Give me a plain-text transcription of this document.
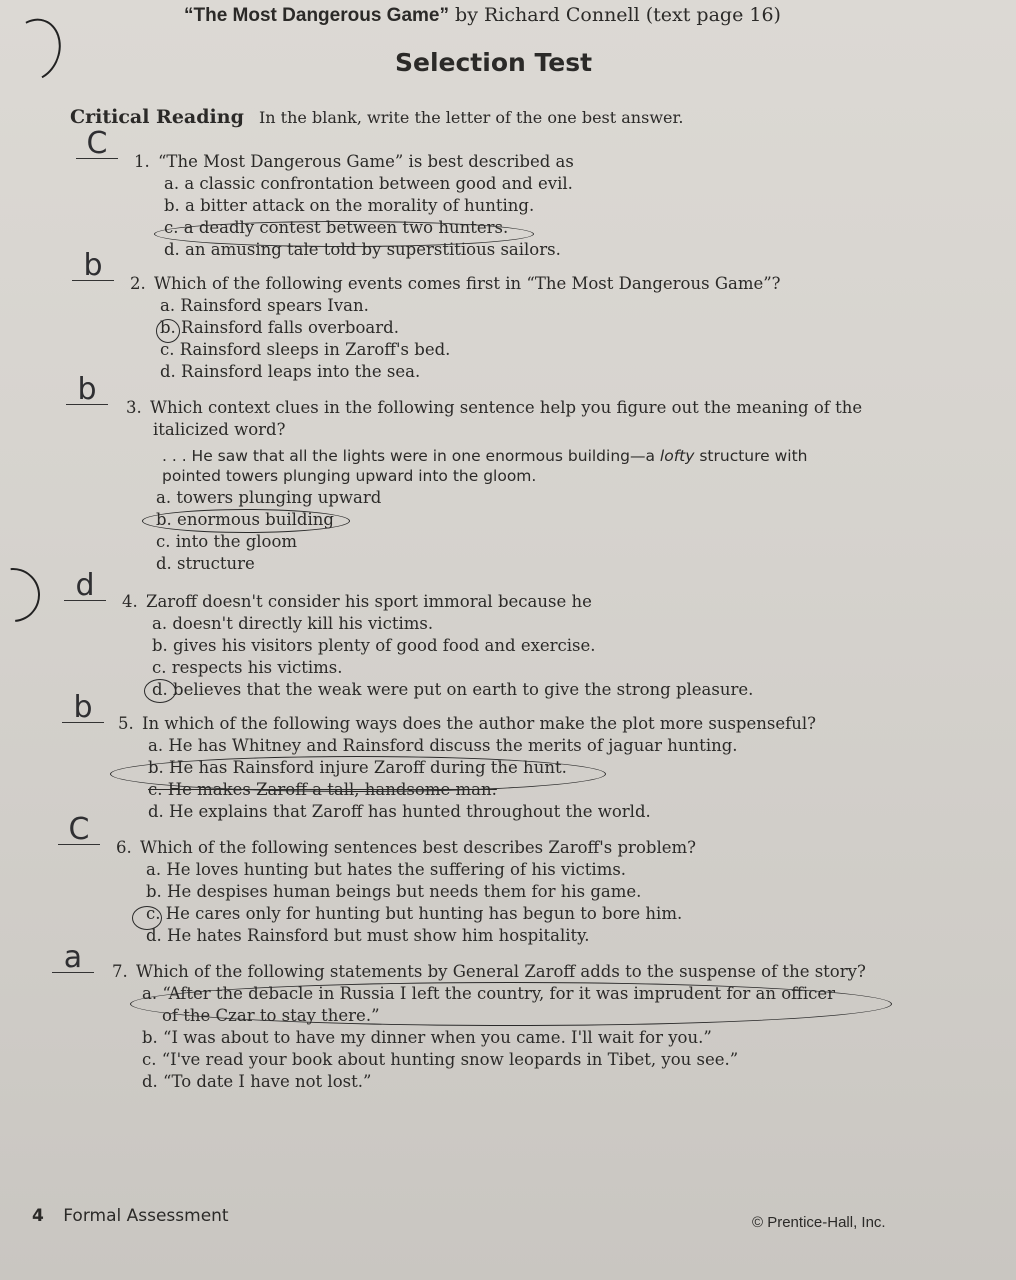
“The Most Dangerous Game” by Richard Connell (text page 16)
Selection Test
Critical Reading In the blank, write the letter of the one best answer.
C
1. “The Most Dangerous Game” is best described as
a. a classic confrontation between good and evil.
b. a bitter attack on the morality of hunting.
c. a deadly contest between two hunters.
d. an amusing tale told by superstitious sailors.
b
2. Which of the following events comes first in “The Most Dangerous Game”?
a. Rainsford spears Ivan.
b. Rainsford falls overboard.
c. Rainsford sleeps in Zaroff's bed.
d. Rainsford leaps into the sea.
b
3. Which context clues in the following sentence help you figure out the meaning of the
italicized word?
. . . He saw that all the lights were in one enormous building—a lofty structure with
pointed towers plunging upward into the gloom.
a. towers plunging upward
b. enormous building
c. into the gloom
d. structure
d	4. Zaroff doesn't consider his sport immoral because he
a. doesn't directly kill his victims.
b. gives his visitors plenty of good food and exercise.
c. respects his victims.
d. believes that the weak were put on earth to give the strong pleasure.
b	5. In which of the following ways does the author make the plot more suspenseful?
a. He has Whitney and Rainsford discuss the merits of jaguar hunting.
b. He has Rainsford injure Zaroff during the hunt.
c. He makes Zaroff a tall, handsome man.
d. He explains that Zaroff has hunted throughout the world.
C
6. Which of the following sentences best describes Zaroff's problem?
a. He loves hunting but hates the suffering of his victims.
b. He despises human beings but needs them for his game.
c. He cares only for hunting but hunting has begun to bore him.
d. He hates Rainsford but must show him hospitality.
a	7. Which of the following statements by General Zaroff adds to the suspense of the story?
a. “After the debacle in Russia I left the country, for it was imprudent for an officer
of the Czar to stay there.”
b. “I was about to have my dinner when you came. I'll wait for you.”
c. “I've read your book about hunting snow leopards in Tibet, you see.”
d. “To date I have not lost.”
4 Formal Assessment	© Prentice-Hall, Inc.
